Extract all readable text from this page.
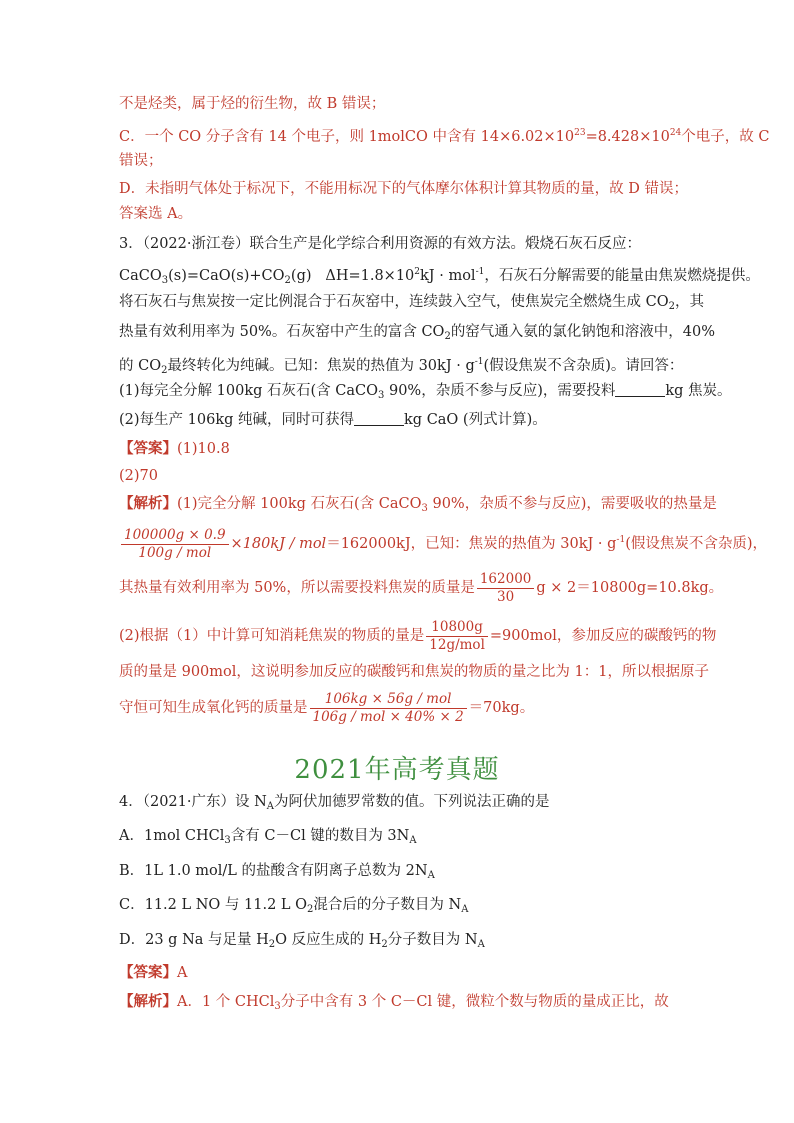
不是烃类，属于烃的衍生物，故 B 错误；
C．一个 CO 分子含有 14 个电子，则 1molCO 中含有 $14\times 6.02\times 10^{23}=8.428\times 10^{24}$个电子，故 C
错误；
D．未指明气体处于标况下，不能用标况下的气体摩尔体积计算其物质的量，故 D 错误；
答案选 A。
3．（2022·浙江卷）联合生产是化学综合利用资源的有效方法。煅烧石灰石反应：
$CaCO_3(s)=CaO(s)+CO_2(g) \Delta H=1.8\times 10^2kJ \cdot mol^{-1}$，石灰石分解需要的能量由焦炭燃烧提供。
将石灰石与焦炭按一定比例混合于石灰窑中，连续鼓入空气，使焦炭完全燃烧生成 $CO_2$，其
热量有效利用率为 50%。石灰窑中产生的富含 $CO_2$的窑气通入氨的氯化钠饱和溶液中，40%
的 $CO_2$最终转化为纯碱。已知：焦炭的热值为 $30kJ \cdot g^{-1}$(假设焦炭不含杂质)。请回答：
(1)每完全分解 100kg 石灰石(含 CaCO$_3$ 90%，杂质不参与反应)，需要投料	kg 焦炭。
(2)每生产 106kg 纯碱，同时可获得	kg CaO (列式计算)。
【答案】(1)10.8
(2)70
【解析】(1)完全分解 100kg 石灰石(含 CaCO$_3$ 90%，杂质不参与反应)，需要吸收的热量是
$\frac{100000g \times 0.9}{\text{100g / mol}} \times 180kJ / mol=162000kJ$，已知：焦炭的热值为 $30kJ \cdot g^{-1}$(假设焦炭不含杂质)，
其热量有效利用率为 50%，所以需要投料焦炭的质量是 $\frac{162000}{30}$ g × 2＝10800g=10.8kg。
(2)根据（1）中计算可知消耗焦炭的物质的量是 $\frac{10800g}{\text{12g/mol}} =900mol$，参加反应的碳酸钙的物
质的量是 900mol，这说明参加反应的碳酸钙和焦炭的物质的量之比为 1：1，所以根据原子
守恒可知生成氧化钙的质量是 $\frac{\text{106kg × 56g / mol}}{\text{106g / mol × 40\% × 2}} =70kg$。
2021年高考真题
4．（2021·广东）设 $N_A$为阿伏加德罗常数的值。下列说法正确的是
A．1mol CHCl$_3$含有 C－Cl 键的数目为 $3N_A$
B．1L 1.0 mol/L 的盐酸含有阴离子总数为 $2N_A$
C．11.2 L NO 与 11.2 L $O_2$混合后的分子数目为 $N_A$
D．23 g Na 与足量 $H_2O$ 反应生成的 $H_2$分子数目为 $N_A$
【答案】A
【解析】A．1 个 CHCl$_3$分子中含有 3 个 C－Cl 键，微粒个数与物质的量成正比，故
